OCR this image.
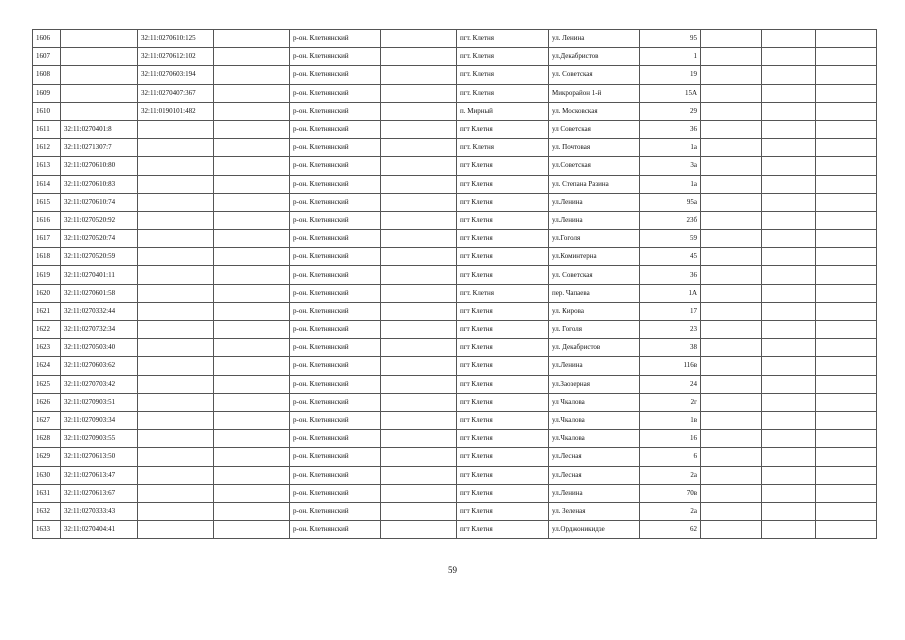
1606		32:11:0270610:125		р-он. Клетнянский		пгт. Клетня	ул. Ленина	95			
1607		32:11:0270612:102		р-он. Клетнянский		пгт. Клетня	ул.Декабристов	1			
1608		32:11:0270603:194		р-он. Клетнянский		пгт. Клетня	ул. Советская	19			
1609		32:11:0270407:367		р-он. Клетнянский		пгт. Клетня	Микрорайон 1-й	15А			
1610		32:11:0190101:482		р-он. Клетнянский		п. Мирный	ул. Московская	29			
1611	32:11:0270401:8			р-он. Клетнянский		пгт Клетня	ул Советская	36			
1612	32:11:0271307:7			р-он. Клетнянский		пгт. Клетня	ул. Почтовая	1а			
1613	32:11:0270610:80			р-он. Клетнянский		пгт Клетня	ул.Советская	3а			
1614	32:11:0270610:83			р-он. Клетнянский		пгт Клетня	ул. Степана Разина	1а			
1615	32:11:0270610:74			р-он. Клетнянский		пгт Клетня	ул.Ленина	95а			
1616	32:11:0270520:92			р-он. Клетнянский		пгт Клетня	ул.Ленина	23б			
1617	32:11:0270520:74			р-он. Клетнянский		пгт Клетня	ул.Гоголя	59			
1618	32:11:0270520:59			р-он. Клетнянский		пгт Клетня	ул.Коминтерна	45			
1619	32:11:0270401:11			р-он. Клетнянский		пгт Клетня	ул. Советская	36			
1620	32:11:0270601:58			р-он. Клетнянский		пгт. Клетня	пер. Чапаева	1А			
1621	32:11:0270332:44			р-он. Клетнянский		пгт Клетня	ул. Кирова	17			
1622	32:11:0270732:34			р-он. Клетнянский		пгт Клетня	ул. Гоголя	23			
1623	32:11:0270503:40			р-он. Клетнянский		пгт Клетня	ул. Декабристов	38			
1624	32:11:0270603:62			р-он. Клетнянский		пгт Клетня	ул.Ленина	116в			
1625	32:11:0270703:42			р-он. Клетнянский		пгт Клетня	ул.Заозерная	24			
1626	32:11:0270903:51			р-он. Клетнянский		пгт Клетня	ул Чкалова	2г			
1627	32:11:0270903:34			р-он. Клетнянский		пгт Клетня	ул.Чкалова	1в			
1628	32:11:0270903:55			р-он. Клетнянский		пгт Клетня	ул.Чкалова	16			
1629	32:11:0270613:50			р-он. Клетнянский		пгт Клетня	ул.Лесная	6			
1630	32:11:0270613:47			р-он. Клетнянский		пгт Клетня	ул.Лесная	2а			
1631	32:11:0270613:67			р-он. Клетнянский		пгт Клетня	ул.Ленина	70в			
1632	32:11:0270333:43			р-он. Клетнянский		пгт Клетня	ул. Зеленая	2а			
1633	32:11:0270404:41			р-он. Клетнянский		пгт Клетня	ул.Орджоникидзе	62			
59
